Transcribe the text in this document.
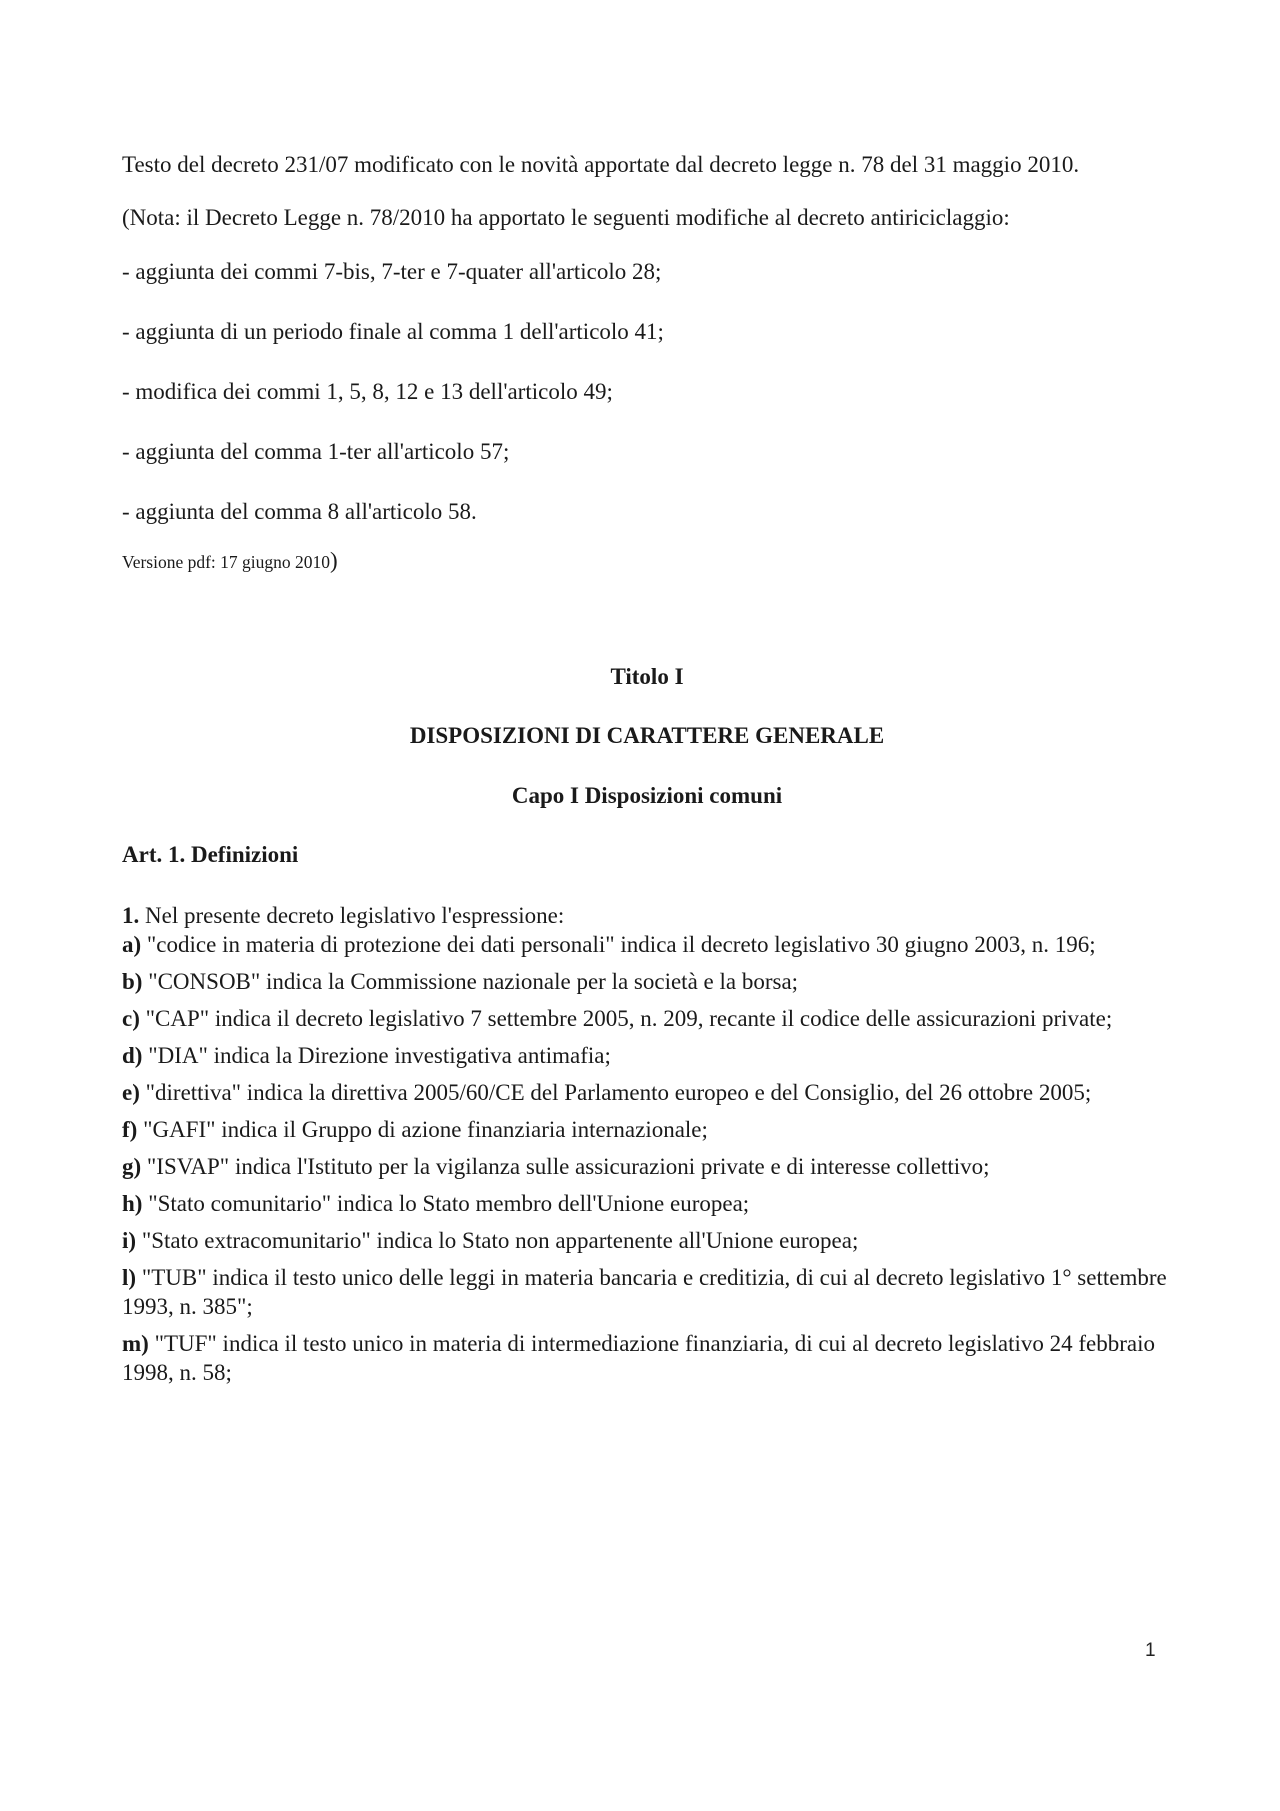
Testo del decreto 231/07 modificato con le novità apportate dal decreto legge n. 78 del 31 maggio 2010.

(Nota: il Decreto Legge n. 78/2010 ha apportato le seguenti modifiche al decreto antiriciclaggio:

- aggiunta dei commi 7-bis, 7-ter e 7-quater all'articolo 28;

- aggiunta di un periodo finale al comma 1 dell'articolo 41;

- modifica dei commi 1, 5, 8, 12 e 13 dell'articolo 49;

- aggiunta del comma 1-ter all'articolo 57;

- aggiunta del comma 8 all'articolo 58.

Versione pdf: 17 giugno 2010)

Titolo I

DISPOSIZIONI DI CARATTERE GENERALE

Capo I Disposizioni comuni

Art. 1. Definizioni

1. Nel presente decreto legislativo l'espressione:

a) "codice in materia di protezione dei dati personali" indica il decreto legislativo 30 giugno 2003, n. 196;

b) "CONSOB" indica la Commissione nazionale per la società e la borsa;

c) "CAP" indica il decreto legislativo 7 settembre 2005, n. 209, recante il codice delle assicurazioni private;

d) "DIA" indica la Direzione investigativa antimafia;

e) "direttiva" indica la direttiva 2005/60/CE del Parlamento europeo e del Consiglio, del 26 ottobre 2005;

f) "GAFI" indica il Gruppo di azione finanziaria internazionale;

g) "ISVAP" indica l'Istituto per la vigilanza sulle assicurazioni private e di interesse collettivo;

h) "Stato comunitario" indica lo Stato membro dell'Unione europea;

i) "Stato extracomunitario" indica lo Stato non appartenente all'Unione europea;

l) "TUB" indica il testo unico delle leggi in materia bancaria e creditizia, di cui al decreto legislativo 1° settembre 1993, n. 385";

m) "TUF" indica il testo unico in materia di intermediazione finanziaria, di cui al decreto legislativo 24 febbraio 1998, n. 58;

1
